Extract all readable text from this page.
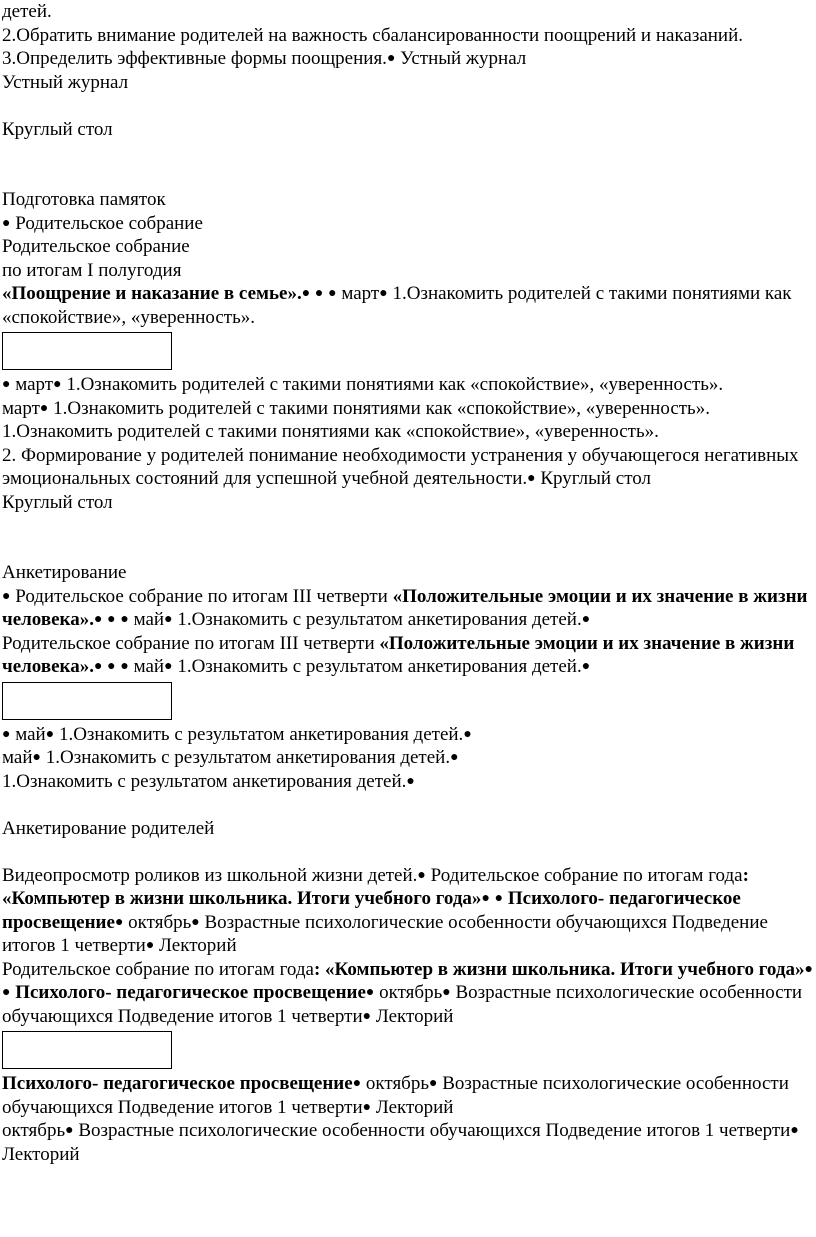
детей.

2.Обратить внимание родителей на важность сбалансированности поощрений и наказаний.

3.Определить эффективные формы поощрения.● Устный журнал

Устный журнал

Круглый стол

Подготовка памяток

● Родительское собрание

Родительское собрание

по итогам I полугодия

«Поощрение и наказание в семье».● ● ● март● 1.Ознакомить родителей с такими понятиями как «спокойствие», «уверенность».

● март● 1.Ознакомить родителей с такими понятиями как «спокойствие», «уверенность».

март● 1.Ознакомить родителей с такими понятиями как «спокойствие», «уверенность».

1.Ознакомить родителей с такими понятиями как «спокойствие», «уверенность».

2. Формирование у родителей понимание необходимости устранения у обучающегося негативных эмоциональных состояний для успешной учебной деятельности.● Круглый стол

Круглый стол

Анкетирование

● Родительское собрание по итогам III четверти «Положительные эмоции и их значение в жизни человека».● ● ● май● 1.Ознакомить с результатом анкетирования детей.●

Родительское собрание по итогам III четверти «Положительные эмоции и их значение в жизни человека».● ● ● май● 1.Ознакомить с результатом анкетирования детей.●

● май● 1.Ознакомить с результатом анкетирования детей.●

май● 1.Ознакомить с результатом анкетирования детей.●

1.Ознакомить с результатом анкетирования детей.●

Анкетирование родителей

Видеопросмотр роликов из школьной жизни детей.● Родительское собрание по итогам года: «Компьютер в жизни школьника. Итоги учебного года»● ● Психолого- педагогическое просвещение● октябрь● Возрастные психологические особенности обучающихся Подведение итогов 1 четверти● Лекторий

Родительское собрание по итогам года: «Компьютер в жизни школьника. Итоги учебного года»● ● Психолого- педагогическое просвещение● октябрь● Возрастные психологические особенности обучающихся Подведение итогов 1 четверти● Лекторий

Психолого- педагогическое просвещение● октябрь● Возрастные психологические особенности обучающихся Подведение итогов 1 четверти● Лекторий

октябрь● Возрастные психологические особенности обучающихся Подведение итогов 1 четверти● Лекторий
